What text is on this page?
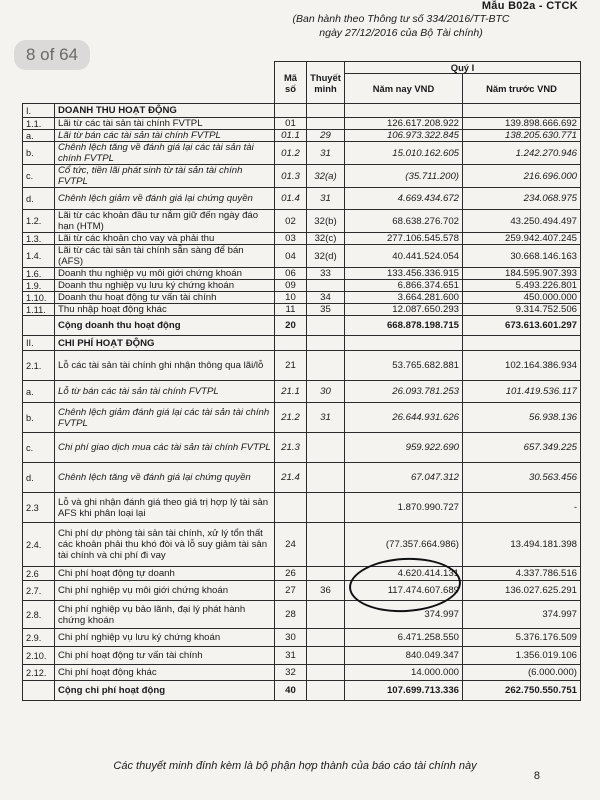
Mẫu B02a - CTCK
(Ban hành theo Thông tư số 334/2016/TT-BTC
ngày 27/12/2016 của Bộ Tài chính)
8 of 64
		Mã số	Thuyết minh	Quý I	
				Năm nay VND	Năm trước VND
I.	DOANH THU HOẠT ĐỘNG				
1.1.	Lãi từ các tài sản tài chính FVTPL	01		126.617.208.922	139.898.666.692
a.	Lãi từ bán các tài sản tài chính FVTPL	01.1	29	106.973.322.845	138.205.630.771
b.	Chênh lệch tăng về đánh giá lại các tài sản tài chính FVTPL	01.2	31	15.010.162.605	1.242.270.946
c.	Cổ tức, tiền lãi phát sinh từ tài sản tài chính FVTPL	01.3	32(a)	(35.711.200)	216.696.000
d.	Chênh lệch giảm về đánh giá lại chứng quyền	01.4	31	4.669.434.672	234.068.975
1.2.	Lãi từ các khoản đầu tư nắm giữ đến ngày đáo hạn (HTM)	02	32(b)	68.638.276.702	43.250.494.497
1.3.	Lãi từ các khoản cho vay và phải thu	03	32(c)	277.106.545.578	259.942.407.245
1.4.	Lãi từ các tài sản tài chính sẵn sàng để bán (AFS)	04	32(d)	40.441.524.054	30.668.146.163
1.6.	Doanh thu nghiệp vụ môi giới chứng khoán	06	33	133.456.336.915	184.595.907.393
1.9.	Doanh thu nghiệp vụ lưu ký chứng khoán	09		6.866.374.651	5.493.226.801
1.10.	Doanh thu hoạt động tư vấn tài chính	10	34	3.664.281.600	450.000.000
1.11.	Thu nhập hoạt động khác	11	35	12.087.650.293	9.314.752.506
	Cộng doanh thu hoạt động	20		668.878.198.715	673.613.601.297
II.	CHI PHÍ HOẠT ĐỘNG				
2.1.	Lỗ các tài sản tài chính ghi nhận thông qua lãi/lỗ	21		53.765.682.881	102.164.386.934
a.	Lỗ từ bán các tài sản tài chính FVTPL	21.1	30	26.093.781.253	101.419.536.117
b.	Chênh lệch giảm đánh giá lại các tài sản tài chính FVTPL	21.2	31	26.644.931.626	56.938.136
c.	Chi phí giao dịch mua các tài sản tài chính FVTPL	21.3		959.922.690	657.349.225
d.	Chênh lệch tăng về đánh giá lại chứng quyền	21.4		67.047.312	30.563.456
2.3	Lỗ và ghi nhận đánh giá theo giá trị hợp lý tài sản AFS khi phân loại lại			1.870.990.727	-
2.4.	Chi phí dự phòng tài sản tài chính, xử lý tổn thất các khoản phải thu khó đòi và lỗ suy giảm tài sản tài chính và chi phí đi vay	24		(77.357.664.986)	13.494.181.398
2.6	Chi phí hoạt động tự doanh	26		4.620.414.131	4.337.786.516
2.7.	Chi phí nghiệp vụ môi giới chứng khoán	27	36	117.474.607.689	136.027.625.291
2.8.	Chi phí nghiệp vụ bảo lãnh, đại lý phát hành chứng khoán	28		374.997	374.997
2.9.	Chi phí nghiệp vụ lưu ký chứng khoán	30		6.471.258.550	5.376.176.509
2.10.	Chi phí hoạt động tư vấn tài chính	31		840.049.347	1.356.019.106
2.12.	Chi phí hoạt động khác	32		14.000.000	(6.000.000)
	Cộng chi phí hoạt động	40		107.699.713.336	262.750.550.751
Các thuyết minh đính kèm là bộ phận hợp thành của báo cáo tài chính này
8
